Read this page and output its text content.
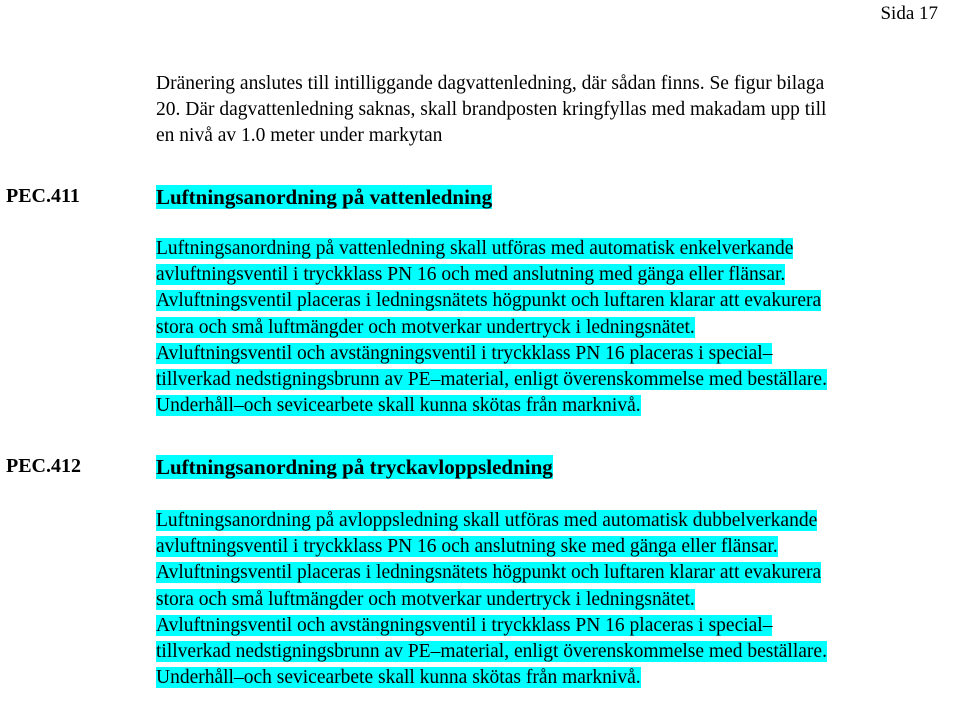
Sida 17
Dränering anslutes till intilliggande dagvattenledning, där sådan finns. Se figur bilaga
20. Där dagvattenledning saknas, skall brandposten kringfyllas med makadam upp till
en nivå av 1.0 meter under markytan
PEC.411	Luftningsanordning på vattenledning
Luftningsanordning på vattenledning skall utföras med automatisk enkelverkande
avluftningsventil i tryckklass PN 16 och med anslutning med gänga eller flänsar.
Avluftningsventil placeras i ledningsnätets högpunkt och luftaren klarar att evakurera
stora och små luftmängder och motverkar undertryck i ledningsnätet.
Avluftningsventil och avstängningsventil i tryckklass PN 16 placeras i special–
tillverkad nedstigningsbrunn av PE–material, enligt överenskommelse med beställare.
Underhåll–och sevicearbete skall kunna skötas från marknivå.
PEC.412	Luftningsanordning på tryckavloppsledning
Luftningsanordning på avloppsledning skall utföras med automatisk dubbelverkande
avluftningsventil i tryckklass PN 16 och anslutning ske med gänga eller flänsar.
Avluftningsventil placeras i ledningsnätets högpunkt och luftaren klarar att evakurera
stora och små luftmängder och motverkar undertryck i ledningsnätet.
Avluftningsventil och avstängningsventil i tryckklass PN 16 placeras i special–
tillverkad nedstigningsbrunn av PE–material, enligt överenskommelse med beställare.
Underhåll–och sevicearbete skall kunna skötas från marknivå.
